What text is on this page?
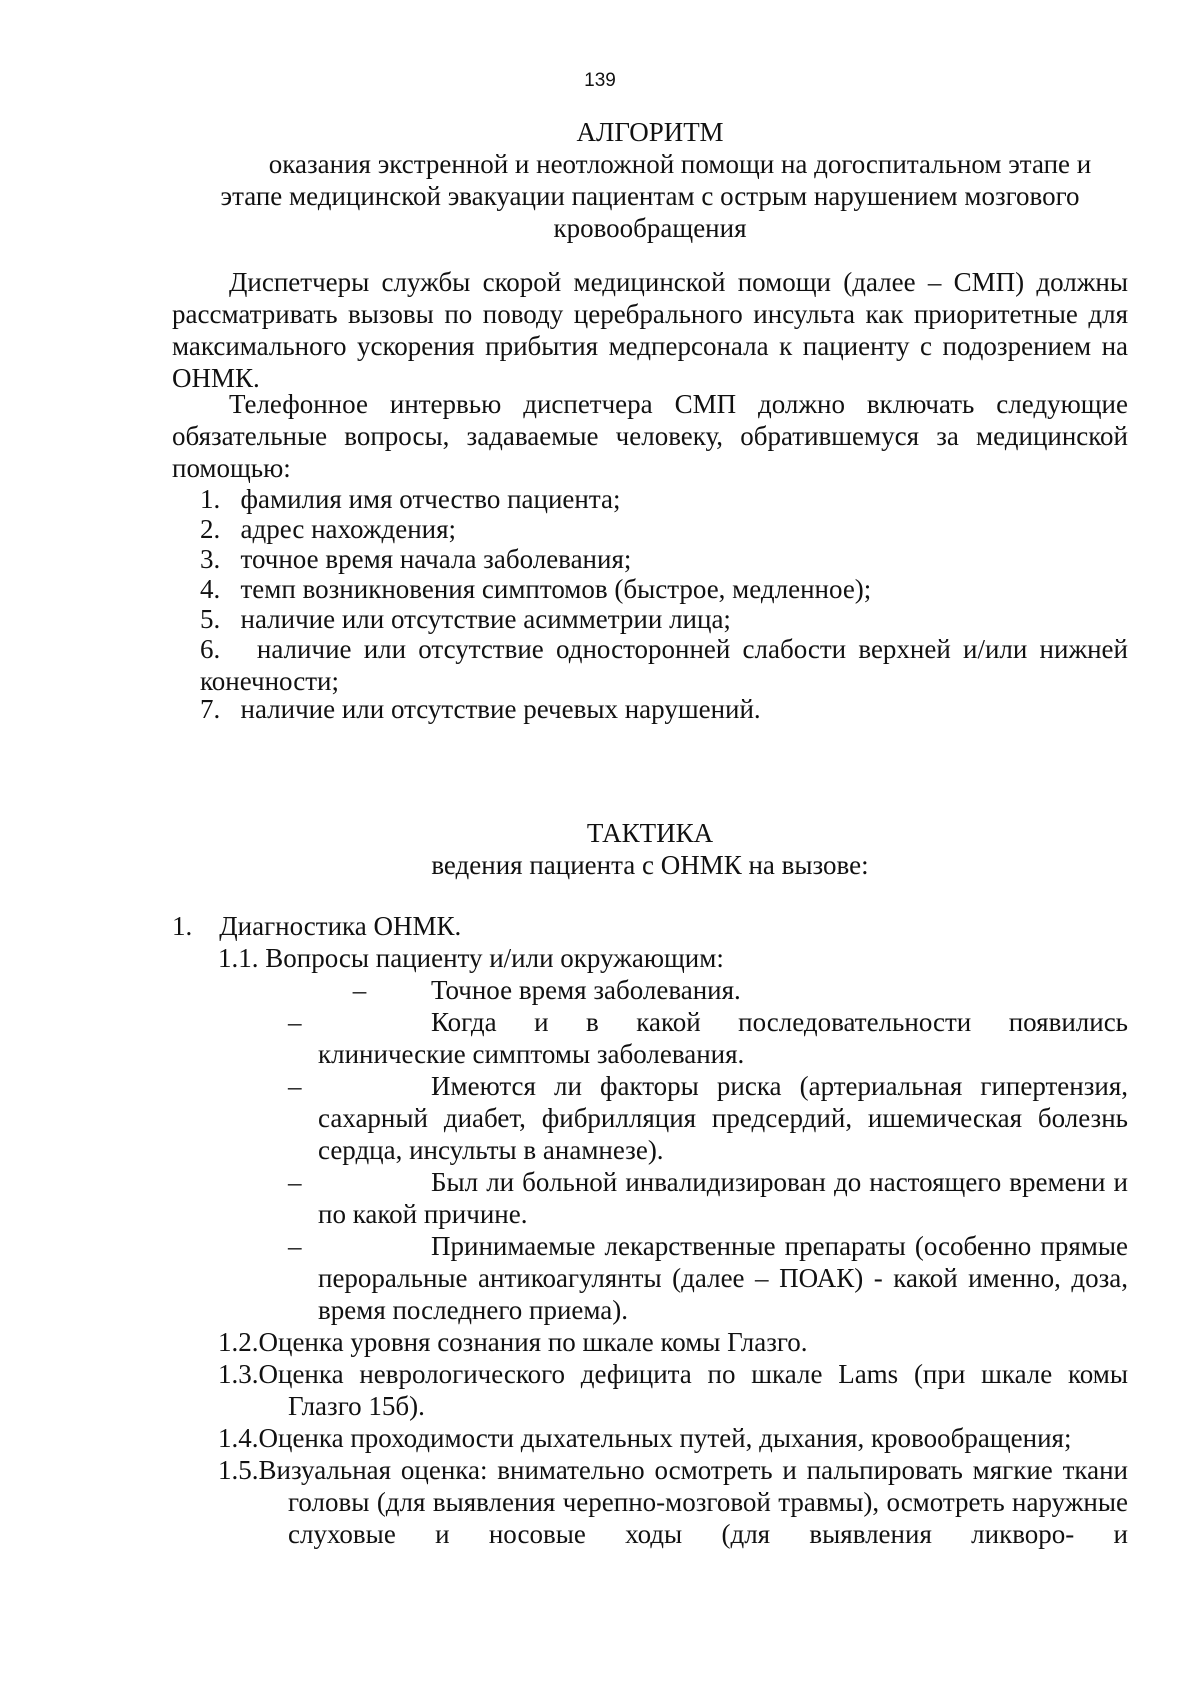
139
АЛГОРИТМ
оказания экстренной и неотложной помощи на догоспитальном этапе и
этапе медицинской эвакуации пациентам с острым нарушением мозгового
кровообращения
Диспетчеры службы скорой медицинской помощи (далее – СМП) должны рассматривать вызовы по поводу церебрального инсульта как приоритетные для максимального ускорения прибытия медперсонала к пациенту с подозрением на ОНМК.
Телефонное интервью диспетчера СМП должно включать следующие обязательные вопросы, задаваемые человеку, обратившемуся за медицинской помощью:
1. фамилия имя отчество пациента;
2. адрес нахождения;
3. точное время начала заболевания;
4. темп возникновения симптомов (быстрое, медленное);
5. наличие или отсутствие асимметрии лица;
6. наличие или отсутствие односторонней слабости верхней и/или нижней конечности;
7. наличие или отсутствие речевых нарушений.
ТАКТИКА
ведения пациента с ОНМК на вызове:
1. Диагностика ОНМК.
1.1. Вопросы пациенту и/или окружающим:
– Точное время заболевания.
–	Когда и в какой последовательности появились клинические симптомы заболевания.
–	Имеются ли факторы риска (артериальная гипертензия, сахарный диабет, фибрилляция предсердий, ишемическая болезнь сердца, инсульты в анамнезе).
–	Был ли больной инвалидизирован до настоящего времени и по какой причине.
–	Принимаемые лекарственные препараты (особенно прямые пероральные антикоагулянты (далее – ПОАК) - какой именно, доза, время последнего приема).
1.2.Оценка уровня сознания по шкале комы Глазго.
1.3.Оценка неврологического дефицита по шкале Lams (при шкале комы Глазго 15б).
1.4.Оценка проходимости дыхательных путей, дыхания, кровообращения;
1.5.Визуальная оценка: внимательно осмотреть и пальпировать мягкие ткани головы (для выявления черепно-мозговой травмы), осмотреть наружные слуховые и носовые ходы (для выявления ликворо- и
